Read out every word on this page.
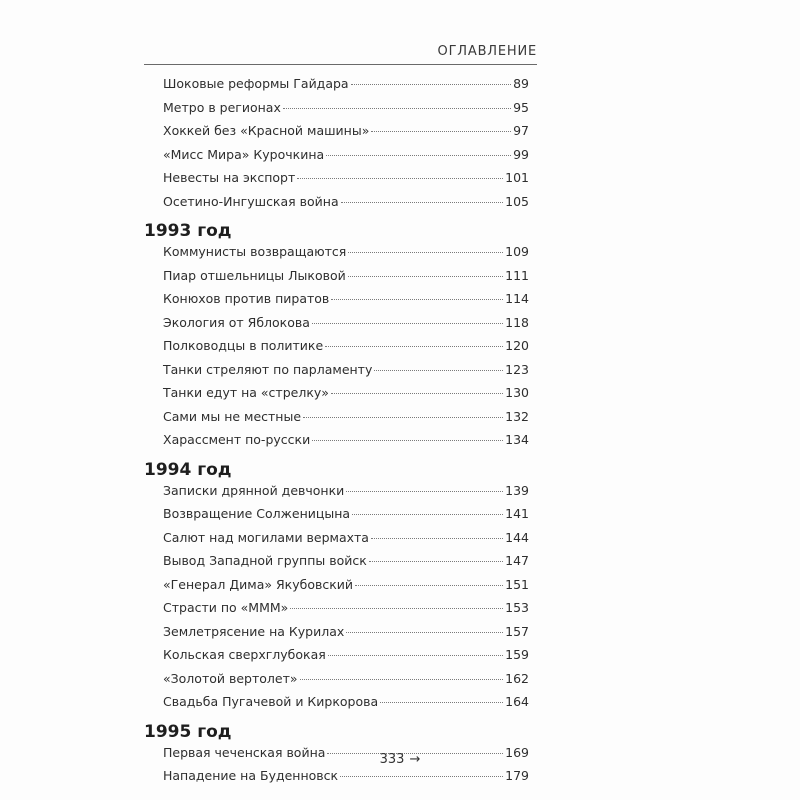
ОГЛАВЛЕНИЕ
Шоковые реформы Гайдара	89
Метро в регионах	95
Хоккей без «Красной машины»	97
«Мисс Мира» Курочкина	99
Невесты на экспорт	101
Осетино-Ингушская война	105
1993 год
Коммунисты возвращаются	109
Пиар отшельницы Лыковой	111
Конюхов против пиратов	114
Экология от Яблокова	118
Полководцы в политике	120
Танки стреляют по парламенту	123
Танки едут на «стрелку»	130
Сами мы не местные	132
Харассмент по-русски	134
1994 год
Записки дрянной девчонки	139
Возвращение Солженицына	141
Салют над могилами вермахта	144
Вывод Западной группы войск	147
«Генерал Дима» Якубовский	151
Страсти по «МММ»	153
Землетрясение на Курилах	157
Кольская сверхглубокая	159
«Золотой вертолет»	162
Свадьба Пугачевой и Киркорова	164
1995 год
Первая чеченская война	169
Нападение на Буденновск	179
333 →
